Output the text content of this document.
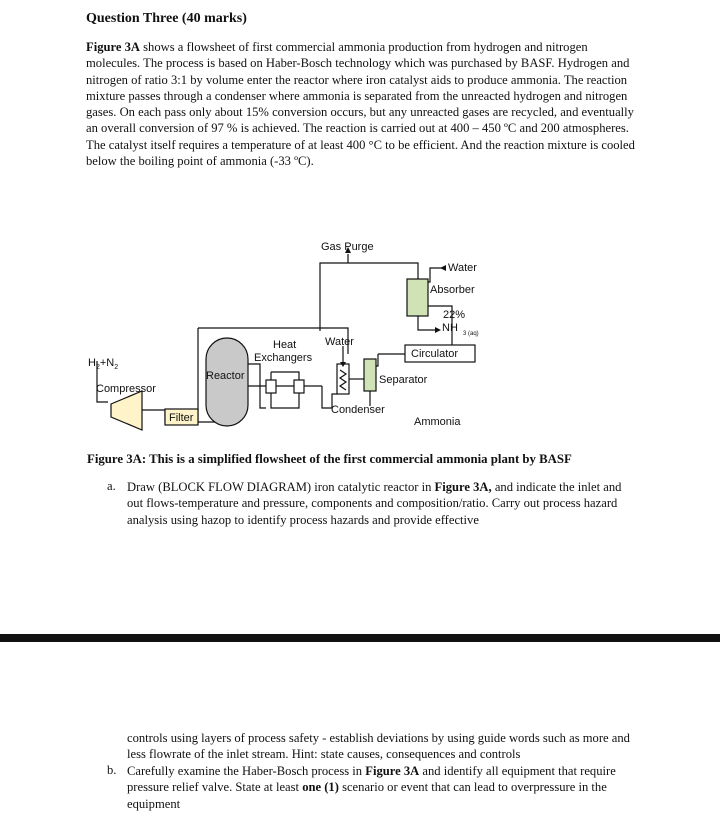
Question Three (40 marks)
Figure 3A shows a flowsheet of first commercial ammonia production from hydrogen and nitrogen molecules. The process is based on Haber-Bosch technology which was purchased by BASF. Hydrogen and nitrogen of ratio 3:1 by volume enter the reactor where iron catalyst aids to produce ammonia. The reaction mixture passes through a condenser where ammonia is separated from the unreacted hydrogen and nitrogen gases. On each pass only about 15% conversion occurs, but any unreacted gases are recycled, and eventually an overall conversion of 97 % is achieved. The reaction is carried out at 400 – 450 ºC and 200 atmospheres. The catalyst itself requires a temperature of at least 400 °C to be efficient. And the reaction mixture is cooled below the boiling point of ammonia (-33 ºC).
Gas Purge
Water
Absorber
22%
NH 3 (aq)
Heat
Exchangers
Water
Circulator
$H_2+N_2$
Reactor	Separator
Compressor
Condenser
Filter	Ammonia
Figure 3A: This is a simplified flowsheet of the first commercial ammonia plant by BASF
a. Draw (BLOCK FLOW DIAGRAM) iron catalytic reactor in Figure 3A, and indicate the inlet and out flows-temperature and pressure, components and composition/ratio. Carry out process hazard analysis using hazop to identify process hazards and provide effective
controls using layers of process safety - establish deviations by using guide words such as more and less flowrate of the inlet stream. Hint: state causes, consequences and controls
b. Carefully examine the Haber-Bosch process in Figure 3A and identify all equipment that require pressure relief valve. State at least one (1) scenario or event that can lead to overpressure in the equipment
